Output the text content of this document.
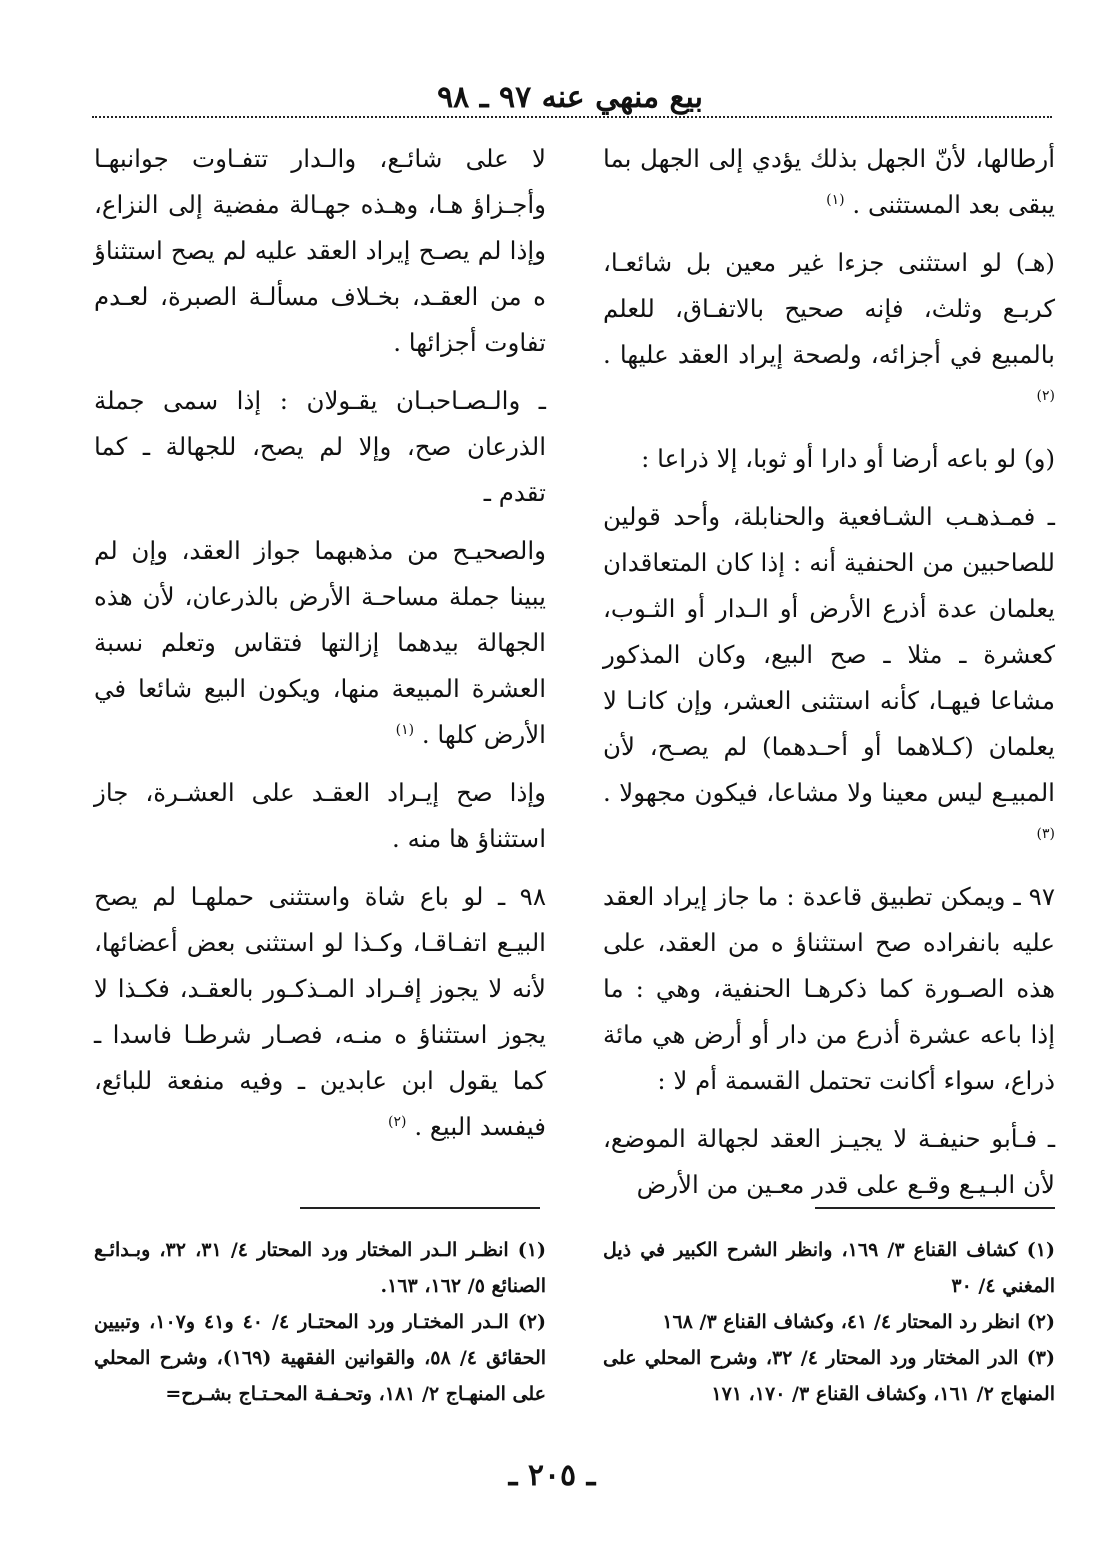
بيع منهي عنه ٩٧ ـ ٩٨

أرطالها، لأنّ الجهل بذلك يؤدي إلى الجهل بما يبقى بعد المستثنى . $^{(١)}$

(هـ) لو استثنى جزءا غير معين بل شائعـا، كربـع وثلث، فإنه صحيح بالاتفـاق، للعلم بالمبيع في أجزائه، ولصحة إيراد العقد عليها . $^{(٢)}$

(و) لو باعه أرضا أو دارا أو ثوبا، إلا ذراعا :

ـ فمـذهـب الشـافعية والحنابلة، وأحد قولين للصاحبين من الحنفية أنه : إذا كان المتعاقدان يعلمان عدة أذرع الأرض أو الـدار أو الثـوب، كعشرة ـ مثلا ـ صح البيع، وكان المذكور مشاعا فيهـا، كأنه استثنى العشر، وإن كانـا لا يعلمان (كـلاهما أو أحـدهما) لم يصـح، لأن المبيـع ليس معينا ولا مشاعا، فيكون مجهولا . $^{(٣)}$

٩٧ ـ ويمكن تطبيق قاعدة : ما جاز إيراد العقد عليه بانفراده صح استثناؤ ه من العقد، على هذه الصـورة كما ذكرهـا الحنفية، وهي : ما إذا باعه عشرة أذرع من دار أو أرض هي مائة ذراع، سواء أكانت تحتمل القسمة أم لا :

ـ فـأبو حنيفـة لا يجيـز العقد لجهالة الموضع، لأن البـيـع وقـع على قدر معـين من الأرض

لا على شائـع، والـدار تتفـاوت جوانبهـا وأجـزاؤ هـا، وهـذه جهـالة مفضية إلى النزاع، وإذا لم يصـح إيراد العقد عليه لم يصح استثناؤ ه من العقـد، بخـلاف مسألـة الصبرة، لعـدم تفاوت أجزائها .

ـ والـصـاحبـان يقـولان : إذا سمى جملة الذرعان صح، وإلا لم يصح، للجهالة ـ كما تقدم ـ

والصحيـح من مذهبهما جواز العقد، وإن لم يبينا جملة مساحـة الأرض بالذرعان، لأن هذه الجهالة بيدهما إزالتها فتقاس وتعلم نسبة العشرة المبيعة منها، ويكون البيع شائعا في الأرض كلها . $^{(١)}$

وإذا صح إيـراد العقـد على العشـرة، جاز استثناؤ ها منه .

٩٨ ـ لو باع شاة واستثنى حملهـا لم يصح البيـع اتفـاقـا، وكـذا لو استثنى بعض أعضائها، لأنه لا يجوز إفـراد المـذكـور بالعقـد، فكـذا لا يجوز استثناؤ ه منـه، فصـار شرطـا فاسدا ـ كما يقول ابن عابدين ـ وفيه منفعة للبائع، فيفسد البيع . $^{(٢)}$

(١) كشاف القناع ٣/ ١٦٩، وانظر الشرح الكبير في ذيل المغني ٤/ ٣٠

(٢) انظر رد المحتار ٤/ ٤١، وكشاف القناع ٣/ ١٦٨

(٣) الدر المختار ورد المحتار ٤/ ٣٢، وشرح المحلي على المنهاج ٢/ ١٦١، وكشاف القناع ٣/ ١٧٠، ١٧١

(١) انظـر الـدر المختار ورد المحتار ٤/ ٣١، ٣٢، وبـدائـع الصنائع ٥/ ١٦٢، ١٦٣.

(٢) الـدر المختـار ورد المحتـار ٤/ ٤٠ و٤١ و١٠٧، وتبيين الحقائق ٤/ ٥٨، والقوانين الفقهية (١٦٩)، وشرح المحلي على المنهـاج ٢/ ١٨١، وتحـفـة المحـتـاج بشـرح=

ـ ٢٠٥ ـ
